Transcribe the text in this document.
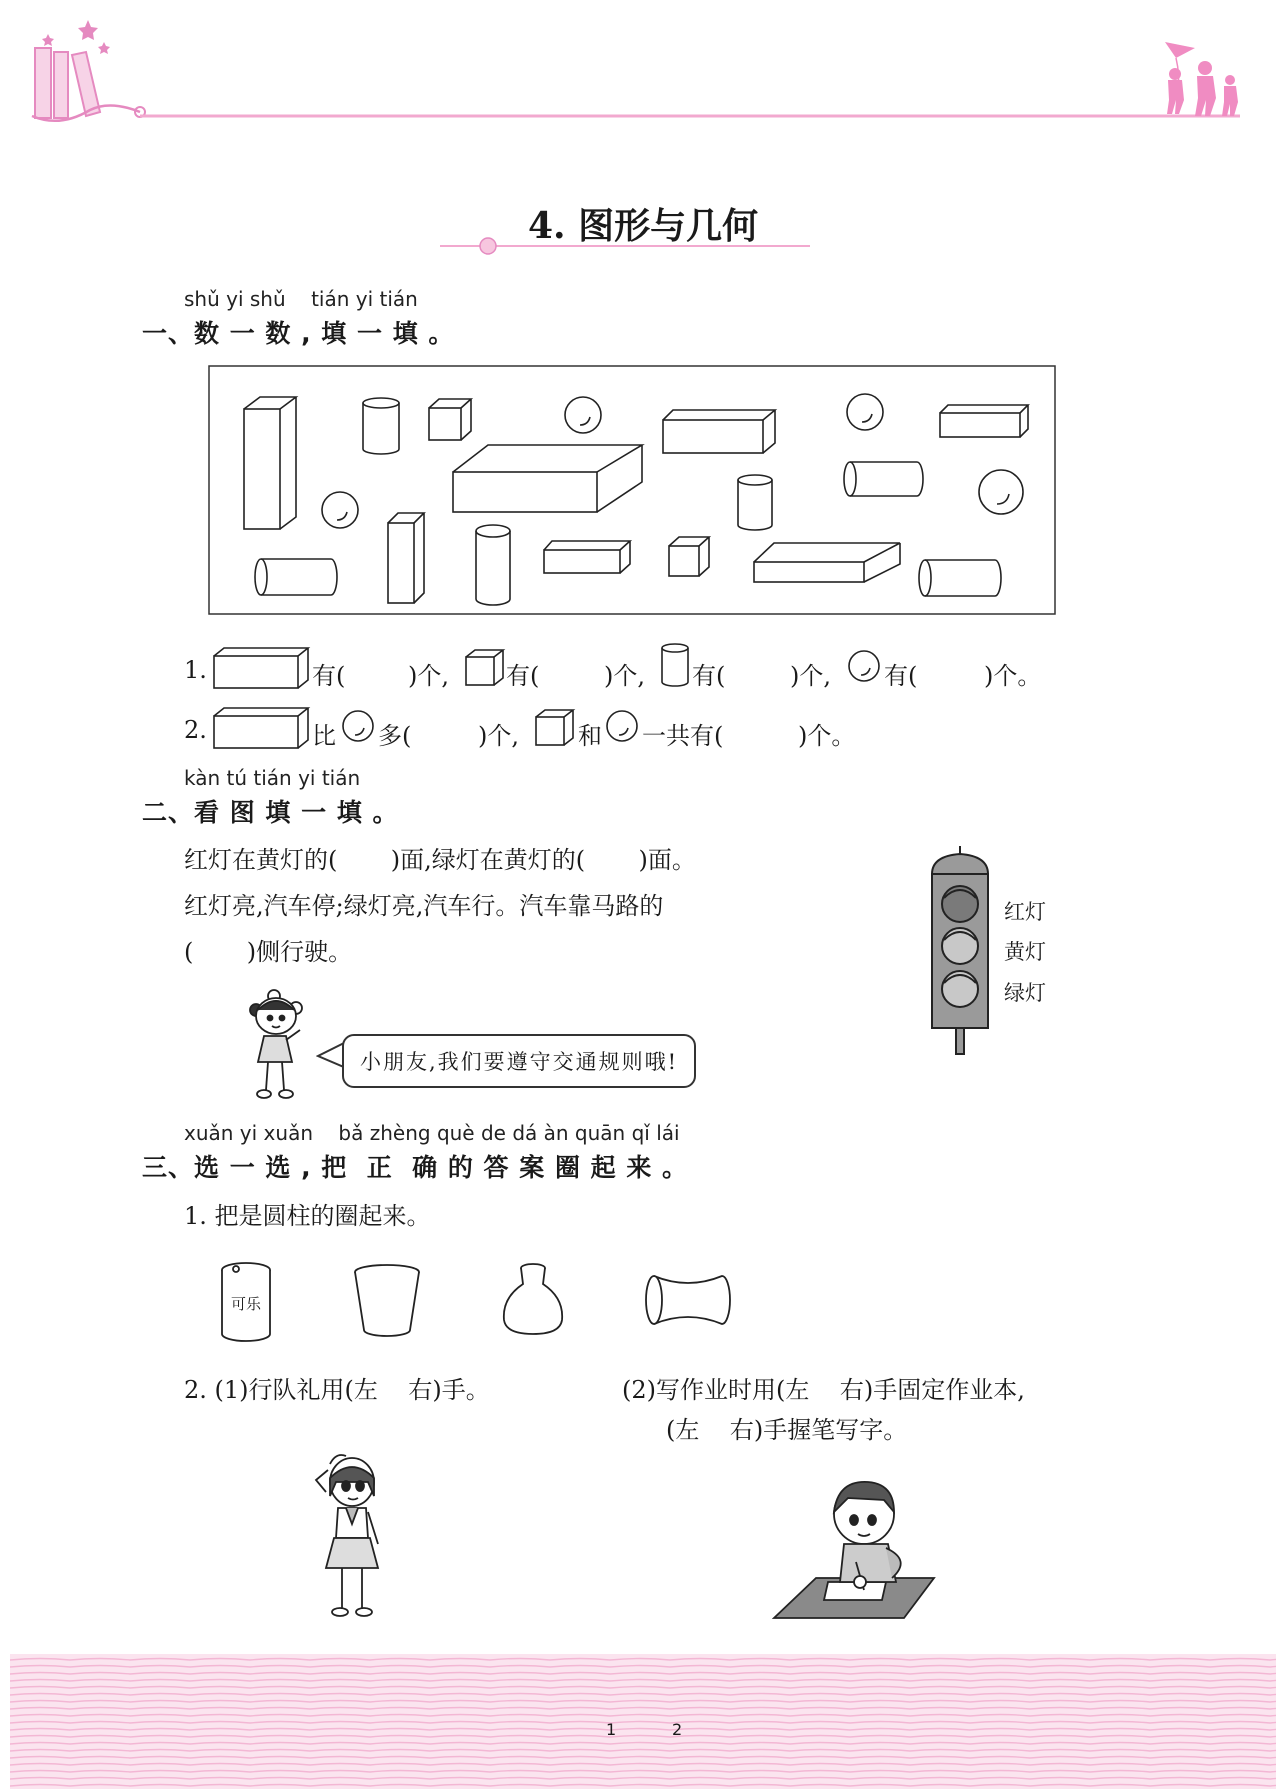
4. 图形与几何
shǔ yi shǔ    tián yi tián
一、数 一 数 , 填 一 填 。
1.	有(	)个, 有(	)个, 有(	)个, 有(	)个。
2.	比 多(	)个, 和 一共有(	)个。
kàn tú tián yi tián
二、看 图 填 一 填 。
红灯在黄灯的(       )面,绿灯在黄灯的(       )面。
红灯亮,汽车停;绿灯亮,汽车行。汽车靠马路的
(       )侧行驶。
红灯
黄灯
绿灯
小朋友,我们要遵守交通规则哦!
xuǎn yi xuǎn    bǎ zhèng què de dá àn quān qǐ lái
三、选 一 选 , 把  正  确 的 答 案 圈 起 来 。
1. 把是圆柱的圈起来。
可乐
2. (1)行队礼用(左    右)手。	(2)写作业时用(左    右)手固定作业本,
(左    右)手握笔写字。
1	2
